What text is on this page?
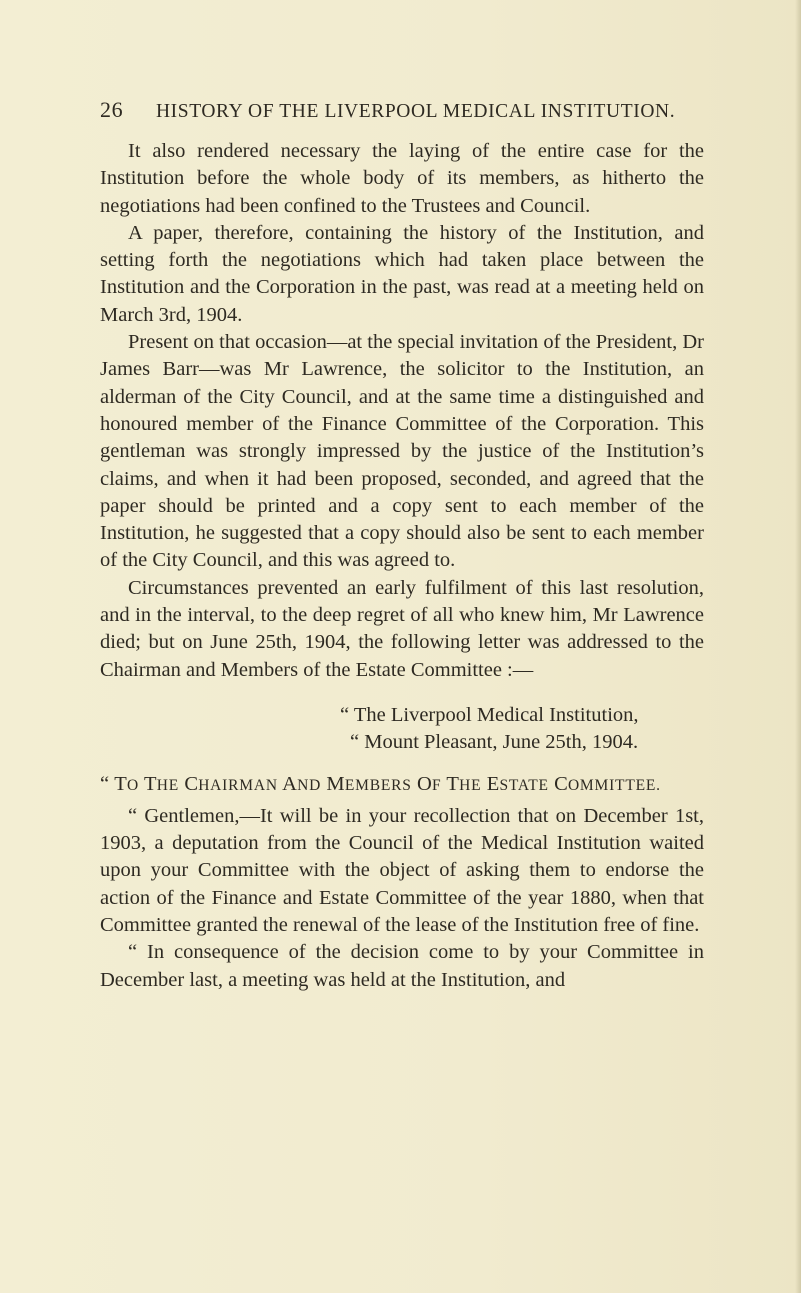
26 HISTORY OF THE LIVERPOOL MEDICAL INSTITUTION.

It also rendered necessary the laying of the entire case for the Institution before the whole body of its members, as hitherto the negotiations had been confined to the Trustees and Council.

A paper, therefore, containing the history of the Institution, and setting forth the negotiations which had taken place between the Institution and the Corporation in the past, was read at a meeting held on March 3rd, 1904.

Present on that occasion—at the special invitation of the President, Dr James Barr—was Mr Lawrence, the solicitor to the Institution, an alderman of the City Council, and at the same time a distinguished and honoured member of the Finance Committee of the Corporation. This gentleman was strongly impressed by the justice of the Institution’s claims, and when it had been proposed, seconded, and agreed that the paper should be printed and a copy sent to each member of the Institution, he suggested that a copy should also be sent to each member of the City Council, and this was agreed to.

Circumstances prevented an early fulfilment of this last resolution, and in the interval, to the deep regret of all who knew him, Mr Lawrence died; but on June 25th, 1904, the following letter was addressed to the Chairman and Members of the Estate Committee :—

“ The Liverpool Medical Institution,

“ Mount Pleasant, June 25th, 1904.

“ TO THE CHAIRMAN AND MEMBERS OF THE ESTATE COMMITTEE.

“ Gentlemen,—It will be in your recollection that on December 1st, 1903, a deputation from the Council of the Medical Institution waited upon your Committee with the object of asking them to endorse the action of the Finance and Estate Committee of the year 1880, when that Committee granted the renewal of the lease of the Institution free of fine.

“ In consequence of the decision come to by your Committee in December last, a meeting was held at the Institution, and
